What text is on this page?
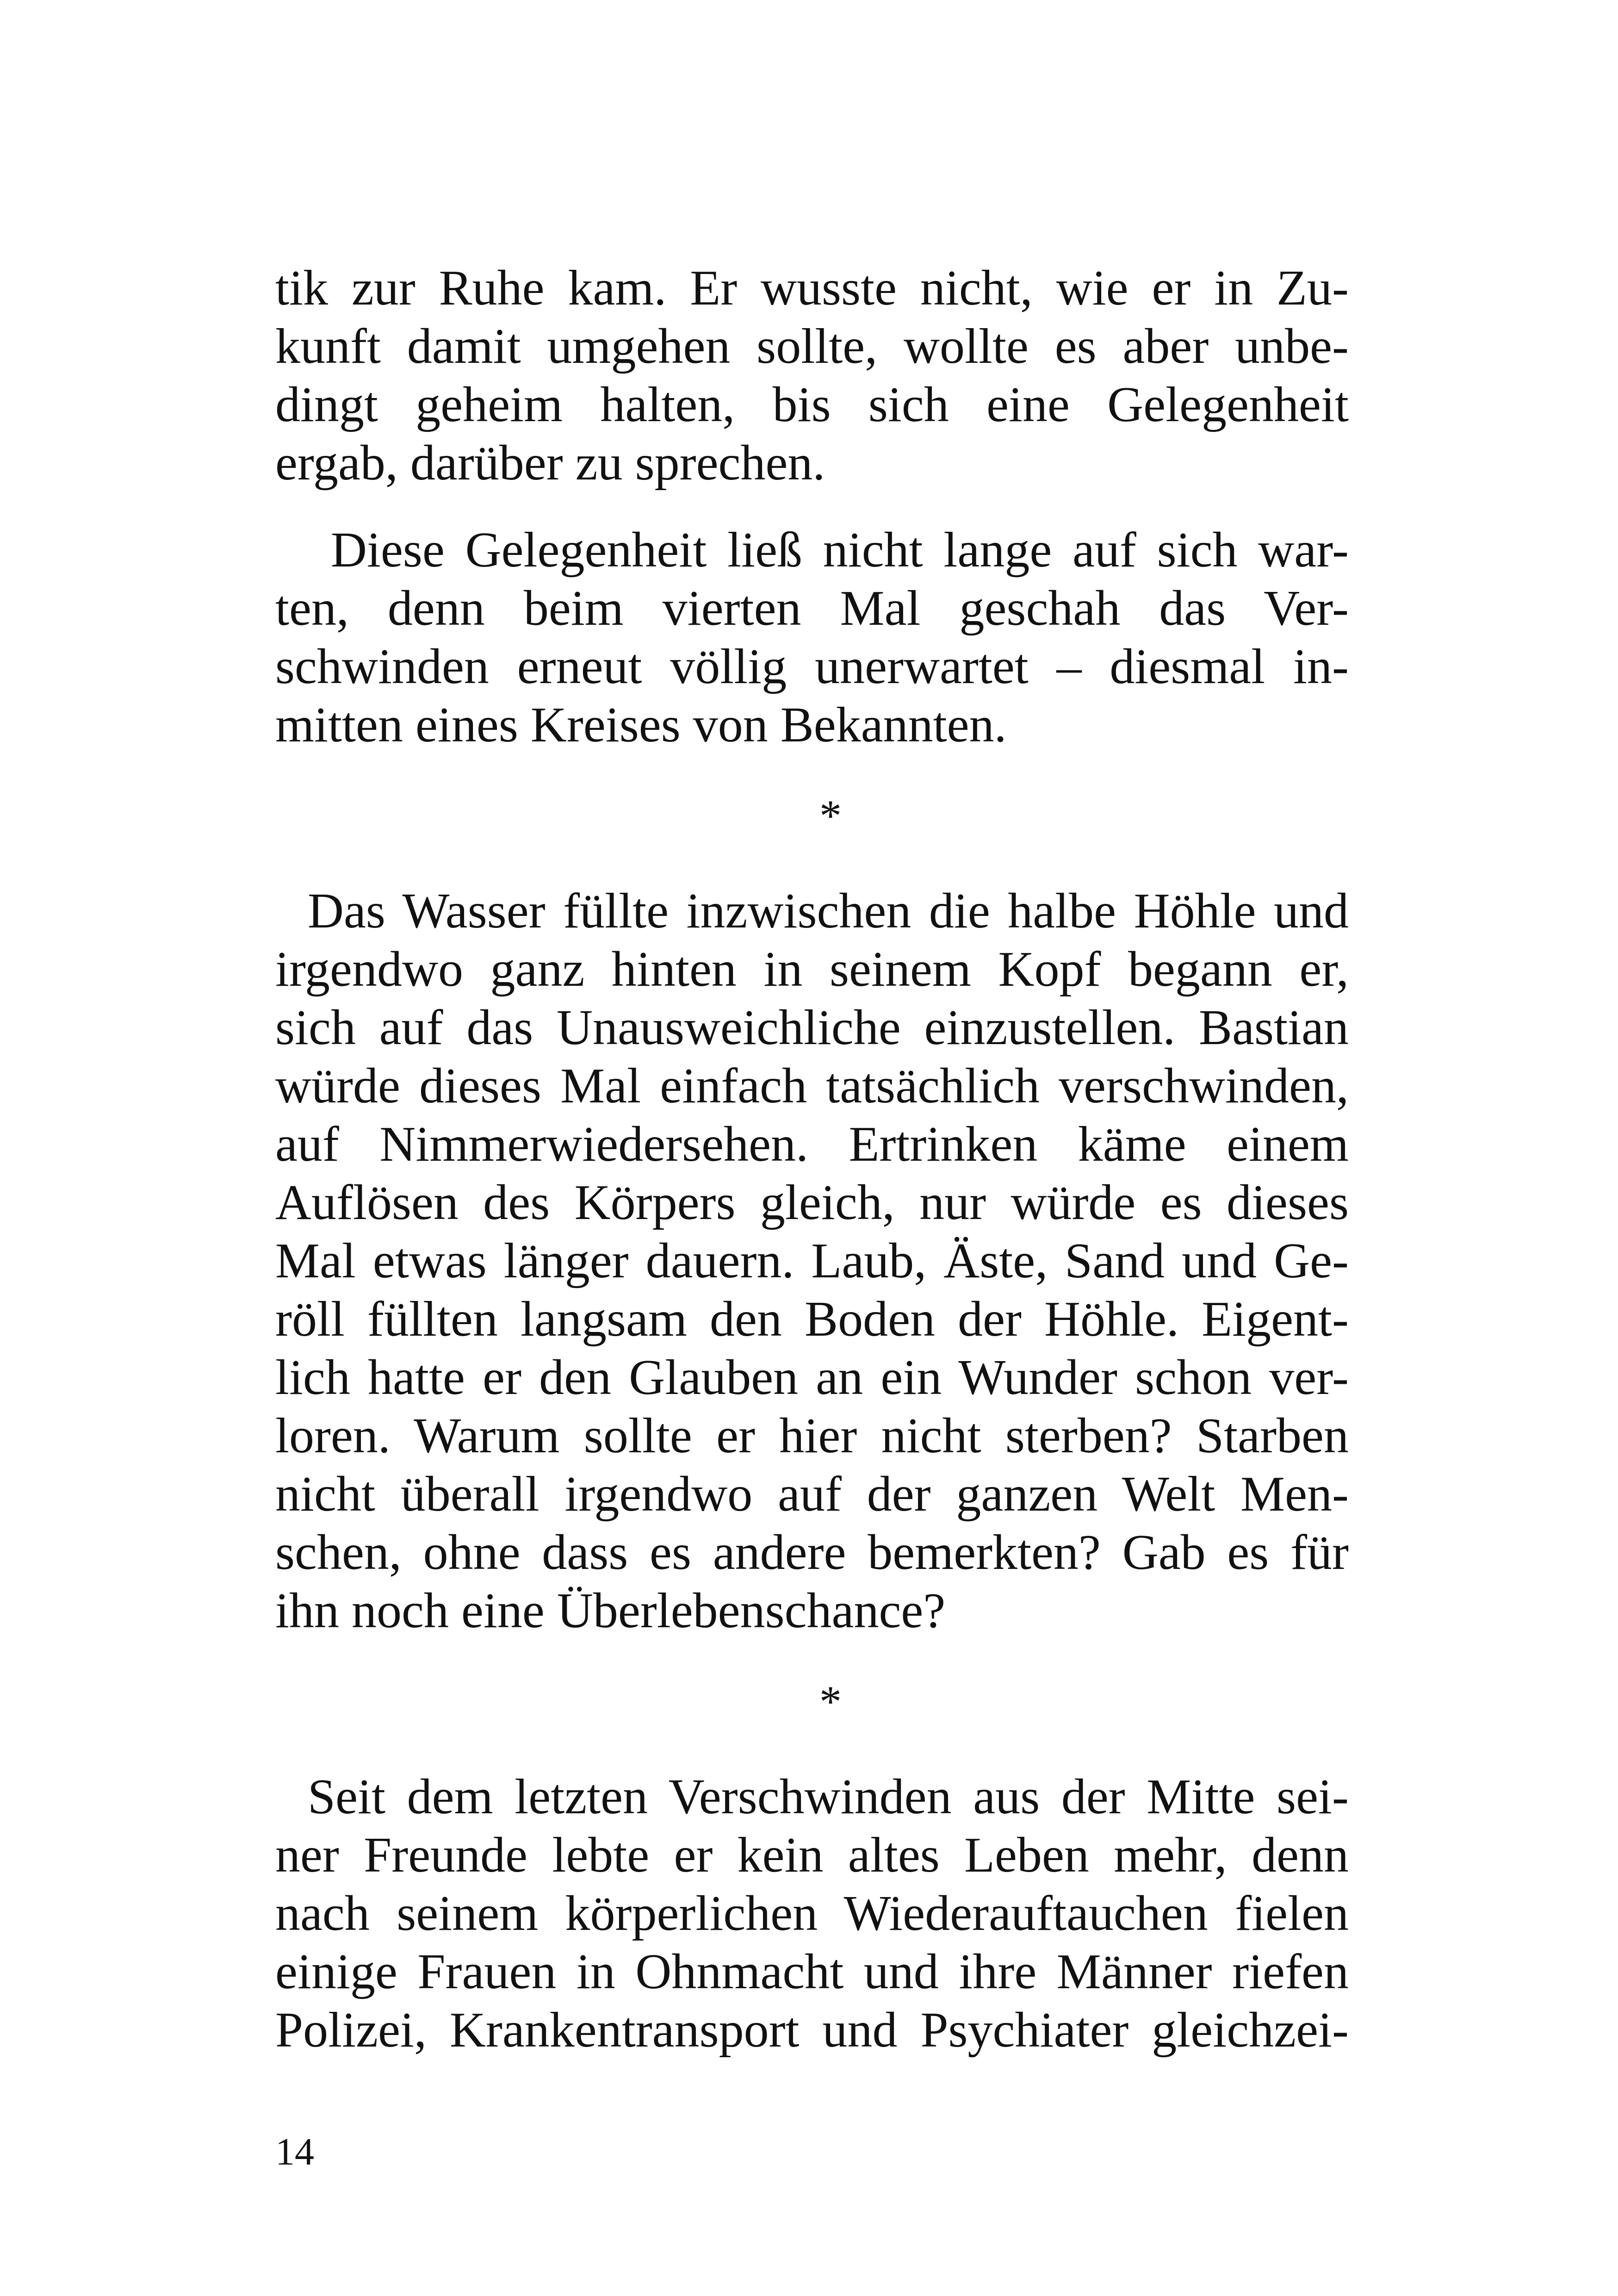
tik zur Ruhe kam. Er wusste nicht, wie er in Zu-
kunft damit umgehen sollte, wollte es aber unbe-
dingt geheim halten, bis sich eine Gelegenheit
ergab, darüber zu sprechen.
Diese Gelegenheit ließ nicht lange auf sich war-
ten, denn beim vierten Mal geschah das Ver-
schwinden erneut völlig unerwartet – diesmal in-
mitten eines Kreises von Bekannten.
*
Das Wasser füllte inzwischen die halbe Höhle und
irgendwo ganz hinten in seinem Kopf begann er,
sich auf das Unausweichliche einzustellen. Bastian
würde dieses Mal einfach tatsächlich verschwinden,
auf Nimmerwiedersehen. Ertrinken käme einem
Auflösen des Körpers gleich, nur würde es dieses
Mal etwas länger dauern. Laub, Äste, Sand und Ge-
röll füllten langsam den Boden der Höhle. Eigent-
lich hatte er den Glauben an ein Wunder schon ver-
loren. Warum sollte er hier nicht sterben? Starben
nicht überall irgendwo auf der ganzen Welt Men-
schen, ohne dass es andere bemerkten? Gab es für
ihn noch eine Überlebenschance?
*
Seit dem letzten Verschwinden aus der Mitte sei-
ner Freunde lebte er kein altes Leben mehr, denn
nach seinem körperlichen Wiederauftauchen fielen
einige Frauen in Ohnmacht und ihre Männer riefen
Polizei, Krankentransport und Psychiater gleichzei-
14
